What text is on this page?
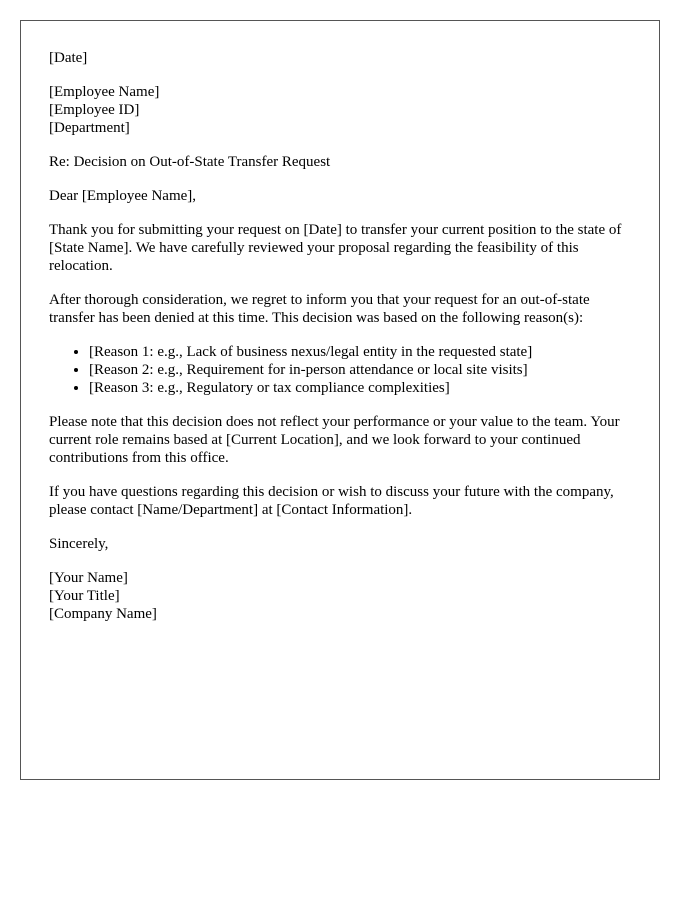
[Date]
[Employee Name]
[Employee ID]
[Department]
Re: Decision on Out-of-State Transfer Request
Dear [Employee Name],

Thank you for submitting your request on [Date] to transfer your current position to the state of [State Name]. We have carefully reviewed your proposal regarding the feasibility of this relocation.

After thorough consideration, we regret to inform you that your request for an out-of-state transfer has been denied at this time. This decision was based on the following reason(s):

• [Reason 1: e.g., Lack of business nexus/legal entity in the requested state]
• [Reason 2: e.g., Requirement for in-person attendance or local site visits]
• [Reason 3: e.g., Regulatory or tax compliance complexities]

Please note that this decision does not reflect your performance or your value to the team. Your current role remains based at [Current Location], and we look forward to your continued contributions from this office.

If you have questions regarding this decision or wish to discuss your future with the company, please contact [Name/Department] at [Contact Information].

Sincerely,
[Your Name]
[Your Title]
[Company Name]
